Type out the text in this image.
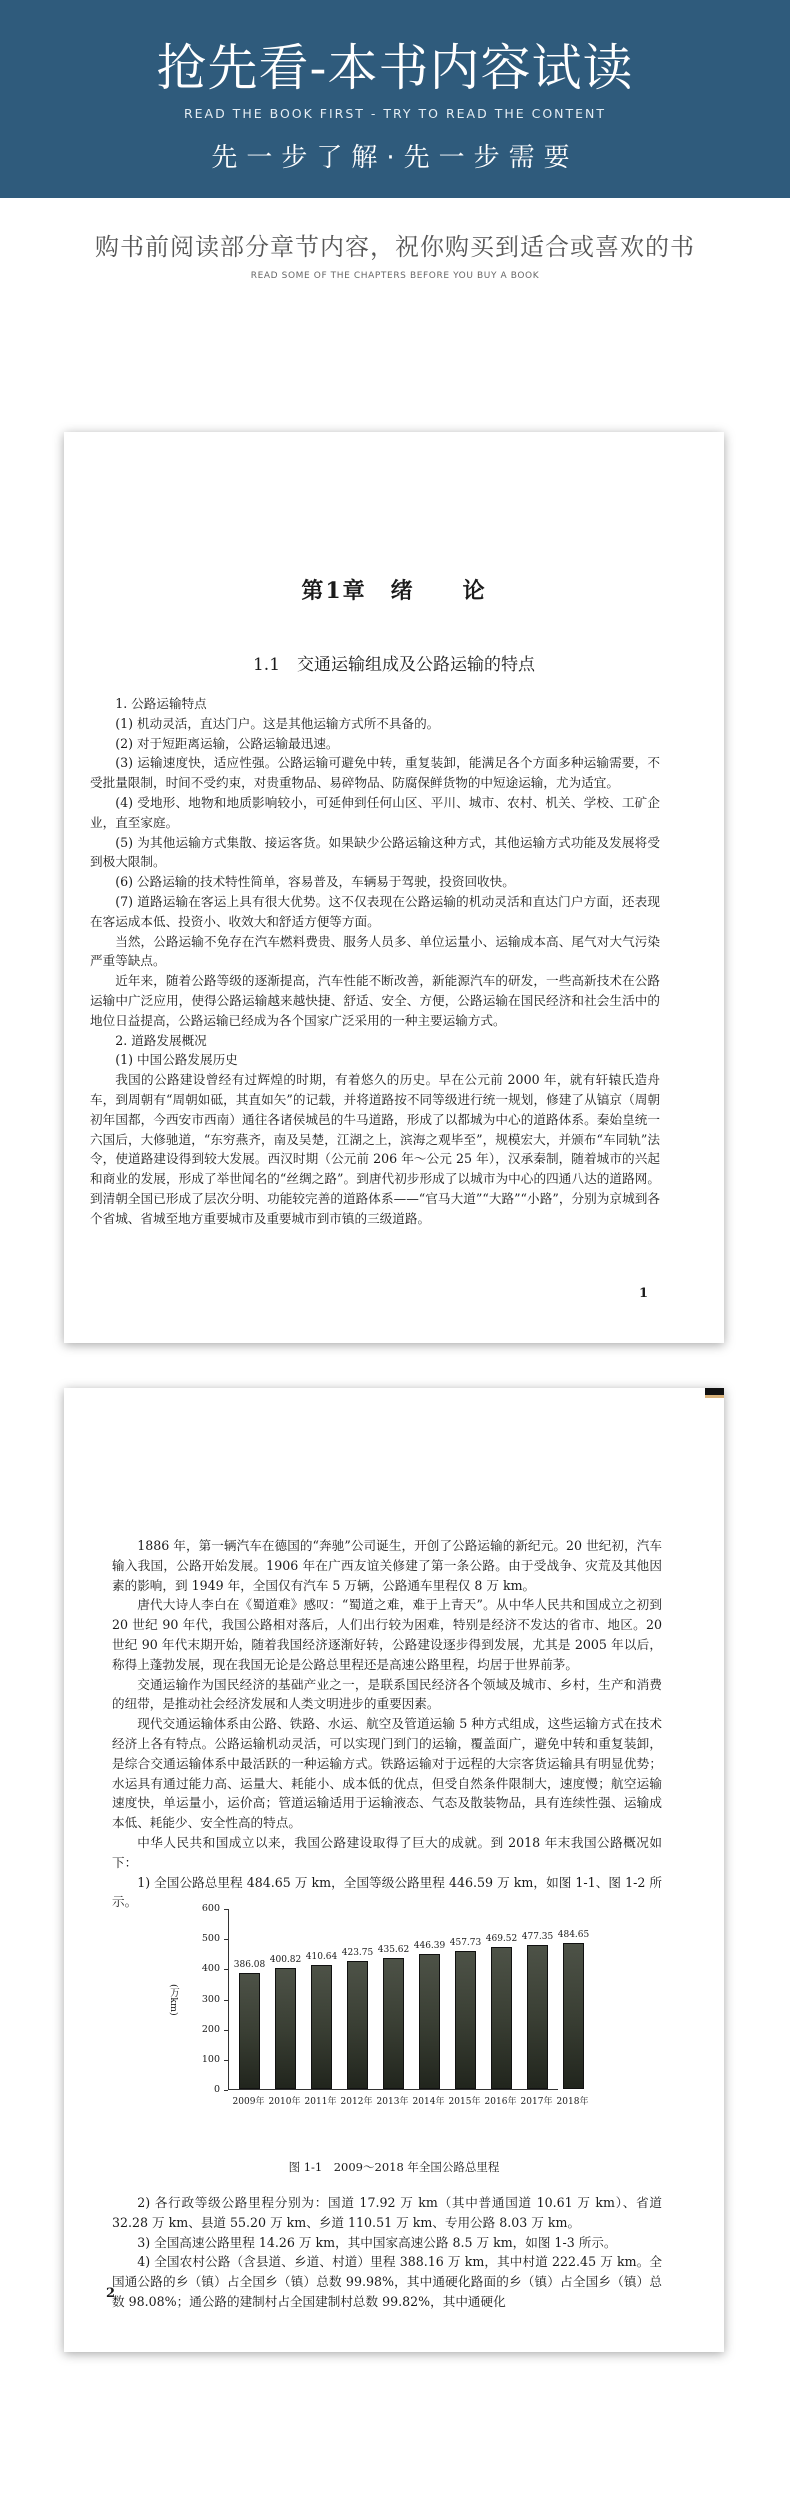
抢先看-本书内容试读
READ THE BOOK FIRST - TRY TO READ THE CONTENT
先一步了解·先一步需要
购书前阅读部分章节内容，祝你购买到适合或喜欢的书
READ SOME OF THE CHAPTERS BEFORE YOU BUY A BOOK
第1章　绪　　论
1.1　交通运输组成及公路运输的特点

1. 公路运输特点

(1) 机动灵活，直达门户。这是其他运输方式所不具备的。

(2) 对于短距离运输，公路运输最迅速。

(3) 运输速度快，适应性强。公路运输可避免中转，重复装卸，能满足各个方面多种运输需要，不受批量限制，时间不受约束，对贵重物品、易碎物品、防腐保鲜货物的中短途运输，尤为适宜。

(4) 受地形、地物和地质影响较小，可延伸到任何山区、平川、城市、农村、机关、学校、工矿企业，直至家庭。

(5) 为其他运输方式集散、接运客货。如果缺少公路运输这种方式，其他运输方式功能及发展将受到极大限制。

(6) 公路运输的技术特性简单，容易普及，车辆易于驾驶，投资回收快。

(7) 道路运输在客运上具有很大优势。这不仅表现在公路运输的机动灵活和直达门户方面，还表现在客运成本低、投资小、收效大和舒适方便等方面。

当然，公路运输不免存在汽车燃料费贵、服务人员多、单位运量小、运输成本高、尾气对大气污染严重等缺点。

近年来，随着公路等级的逐渐提高，汽车性能不断改善，新能源汽车的研发，一些高新技术在公路运输中广泛应用，使得公路运输越来越快捷、舒适、安全、方便，公路运输在国民经济和社会生活中的地位日益提高，公路运输已经成为各个国家广泛采用的一种主要运输方式。

2. 道路发展概况

(1) 中国公路发展历史

我国的公路建设曾经有过辉煌的时期，有着悠久的历史。早在公元前 2000 年，就有轩辕氏造舟车，到周朝有“周朝如砥，其直如矢”的记载，并将道路按不同等级进行统一规划，修建了从镐京（周朝初年国都，今西安市西南）通往各诸侯城邑的牛马道路，形成了以都城为中心的道路体系。秦始皇统一六国后，大修驰道，“东穷燕齐，南及吴楚，江湖之上，滨海之观毕至”，规模宏大，并颁布“车同轨”法令，使道路建设得到较大发展。西汉时期（公元前 206 年～公元 25 年），汉承秦制，随着城市的兴起和商业的发展，形成了举世闻名的“丝绸之路”。到唐代初步形成了以城市为中心的四通八达的道路网。到清朝全国已形成了层次分明、功能较完善的道路体系——“官马大道”“大路”“小路”，分别为京城到各个省城、省城至地方重要城市及重要城市到市镇的三级道路。

1

1886 年，第一辆汽车在德国的“奔驰”公司诞生，开创了公路运输的新纪元。20 世纪初，汽车输入我国，公路开始发展。1906 年在广西友谊关修建了第一条公路。由于受战争、灾荒及其他因素的影响，到 1949 年，全国仅有汽车 5 万辆，公路通车里程仅 8 万 km。

唐代大诗人李白在《蜀道难》感叹：“蜀道之难，难于上青天”。从中华人民共和国成立之初到 20 世纪 90 年代，我国公路相对落后，人们出行较为困难，特别是经济不发达的省市、地区。20 世纪 90 年代末期开始，随着我国经济逐渐好转，公路建设逐步得到发展，尤其是 2005 年以后，称得上蓬勃发展，现在我国无论是公路总里程还是高速公路里程，均居于世界前茅。

交通运输作为国民经济的基础产业之一，是联系国民经济各个领域及城市、乡村，生产和消费的纽带，是推动社会经济发展和人类文明进步的重要因素。

现代交通运输体系由公路、铁路、水运、航空及管道运输 5 种方式组成，这些运输方式在技术经济上各有特点。公路运输机动灵活，可以实现门到门的运输，覆盖面广，避免中转和重复装卸，是综合交通运输体系中最活跃的一种运输方式。铁路运输对于远程的大宗客货运输具有明显优势；水运具有通过能力高、运量大、耗能小、成本低的优点，但受自然条件限制大，速度慢；航空运输速度快，单运量小，运价高；管道运输适用于运输液态、气态及散装物品，具有连续性强、运输成本低、耗能少、安全性高的特点。

中华人民共和国成立以来，我国公路建设取得了巨大的成就。到 2018 年末我国公路概况如下：

1) 全国公路总里程 484.65 万 km，全国等级公路里程 446.59 万 km，如图 1-1、图 1-2 所示。

(万km)
0
100
200
300
400
500
600
386.08 400.82 410.64 423.75 435.62 446.39 457.73 469.52 477.35 484.65
2009年 2010年 2011年 2012年 2013年 2014年 2015年 2016年 2017年 2018年
图 1-1　2009～2018 年全国公路总里程

2) 各行政等级公路里程分别为：国道 17.92 万 km（其中普通国道 10.61 万 km）、省道 32.28 万 km、县道 55.20 万 km、乡道 110.51 万 km、专用公路 8.03 万 km。

3) 全国高速公路里程 14.26 万 km，其中国家高速公路 8.5 万 km，如图 1-3 所示。

4) 全国农村公路（含县道、乡道、村道）里程 388.16 万 km，其中村道 222.45 万 km。全国通公路的乡（镇）占全国乡（镇）总数 99.98%，其中通硬化路面的乡（镇）占全国乡（镇）总数 98.08%；通公路的建制村占全国建制村总数 99.82%，其中通硬化

2
